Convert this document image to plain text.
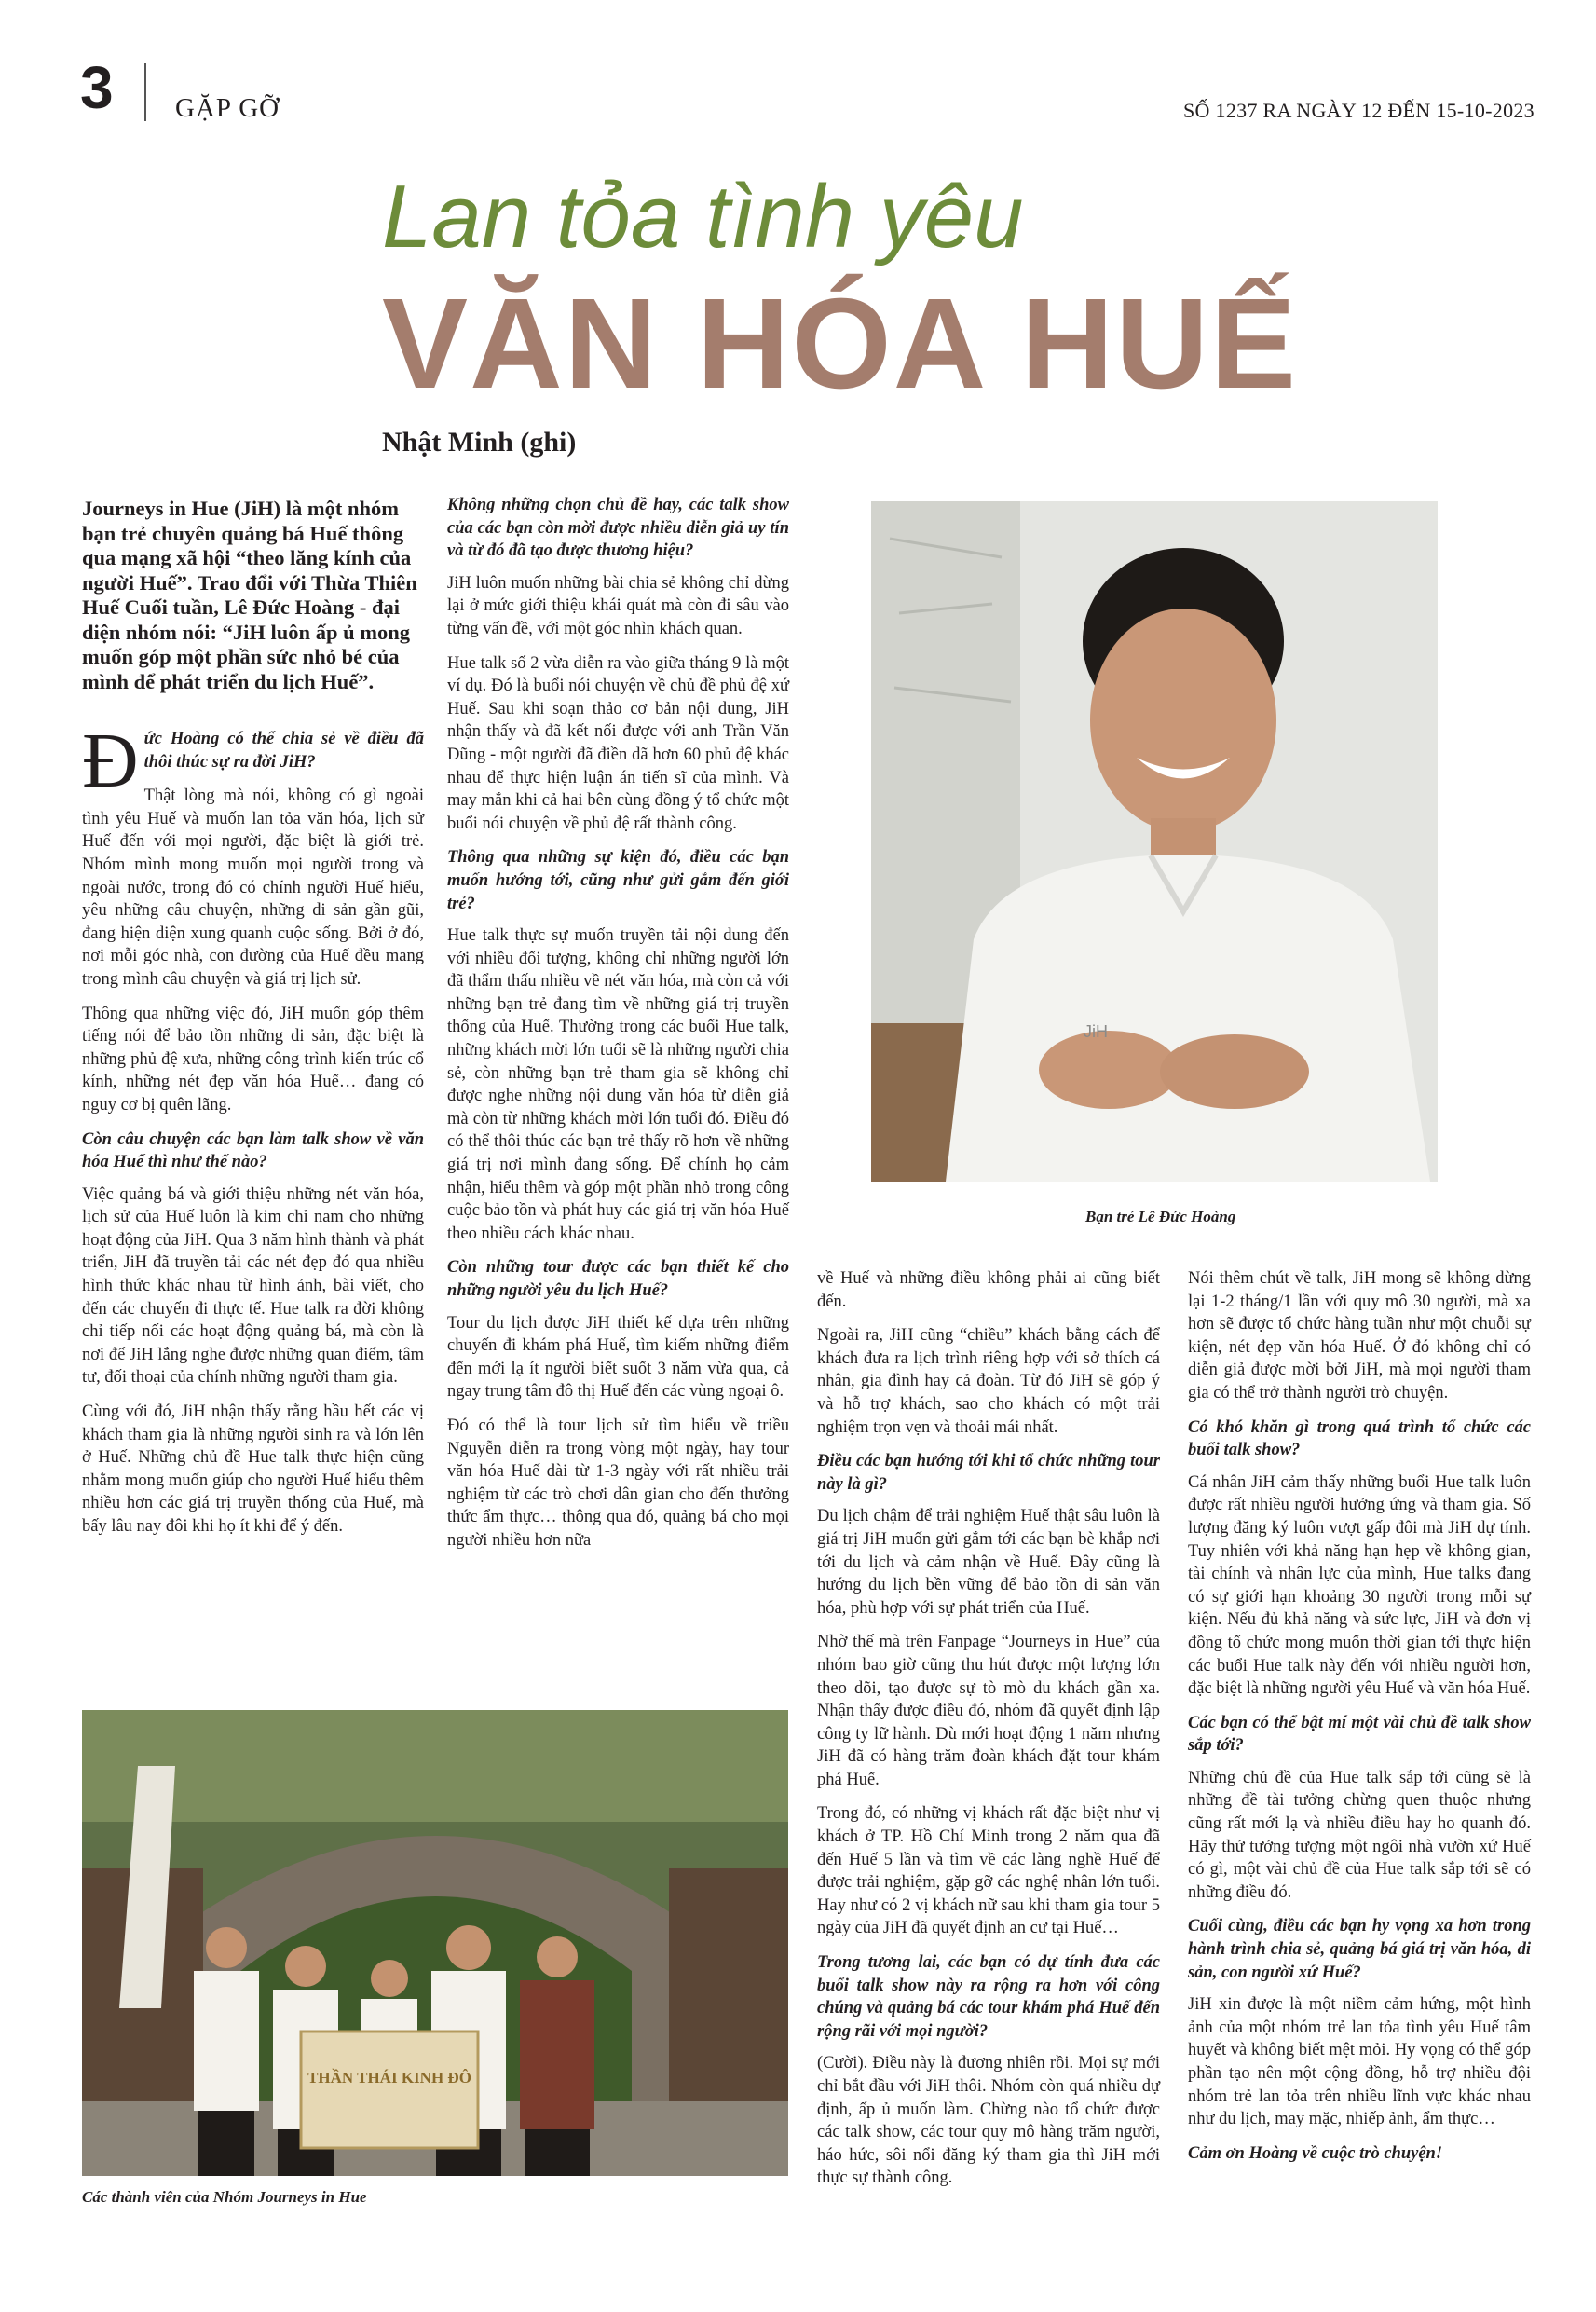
3 GẶP GỠ	SỐ 1237 RA NGÀY 12 ĐẾN 15-10-2023
Lan tỏa tình yêu
VĂN HÓA HUẾ
Nhật Minh (ghi)

Journeys in Hue (JiH) là một nhóm bạn trẻ chuyên quảng bá Huế thông qua mạng xã hội “theo lăng kính của người Huế”. Trao đổi với Thừa Thiên Huế Cuối tuần, Lê Đức Hoàng - đại diện nhóm nói: “JiH luôn ấp ủ mong muốn góp một phần sức nhỏ bé của mình để phát triển du lịch Huế”.

Đức Hoàng có thể chia sẻ về điều đã thôi thúc sự ra đời JiH?

Thật lòng mà nói, không có gì ngoài tình yêu Huế và muốn lan tỏa văn hóa, lịch sử Huế đến với mọi người, đặc biệt là giới trẻ. Nhóm mình mong muốn mọi người trong và ngoài nước, trong đó có chính người Huế hiểu, yêu những câu chuyện, những di sản gần gũi, đang hiện diện xung quanh cuộc sống. Bởi ở đó, nơi mỗi góc nhà, con đường của Huế đều mang trong mình câu chuyện và giá trị lịch sử.

Thông qua những việc đó, JiH muốn góp thêm tiếng nói để bảo tồn những di sản, đặc biệt là những phủ đệ xưa, những công trình kiến trúc cổ kính, những nét đẹp văn hóa Huế… đang có nguy cơ bị quên lãng.

Còn câu chuyện các bạn làm talk show về văn hóa Huế thì như thế nào?

Việc quảng bá và giới thiệu những nét văn hóa, lịch sử của Huế luôn là kim chỉ nam cho những hoạt động của JiH. Qua 3 năm hình thành và phát triển, JiH đã truyền tải các nét đẹp đó qua nhiều hình thức khác nhau từ hình ảnh, bài viết, cho đến các chuyến đi thực tế. Hue talk ra đời không chỉ tiếp nối các hoạt động quảng bá, mà còn là nơi để JiH lắng nghe được những quan điểm, tâm tư, đối thoại của chính những người tham gia.

Cùng với đó, JiH nhận thấy rằng hầu hết các vị khách tham gia là những người sinh ra và lớn lên ở Huế. Những chủ đề Hue talk thực hiện cũng nhằm mong muốn giúp cho người Huế hiểu thêm nhiều hơn các giá trị truyền thống của Huế, mà bấy lâu nay đôi khi họ ít khi để ý đến.

Không những chọn chủ đề hay, các talk show của các bạn còn mời được nhiều diễn giả uy tín và từ đó đã tạo được thương hiệu?

JiH luôn muốn những bài chia sẻ không chỉ dừng lại ở mức giới thiệu khái quát mà còn đi sâu vào từng vấn đề, với một góc nhìn khách quan.

Hue talk số 2 vừa diễn ra vào giữa tháng 9 là một ví dụ. Đó là buổi nói chuyện về chủ đề phủ đệ xứ Huế. Sau khi soạn thảo cơ bản nội dung, JiH nhận thấy và đã kết nối được với anh Trần Văn Dũng - một người đã điền dã hơn 60 phủ đệ khác nhau để thực hiện luận án tiến sĩ của mình. Và may mắn khi cả hai bên cùng đồng ý tổ chức một buổi nói chuyện về phủ đệ rất thành công.

Thông qua những sự kiện đó, điều các bạn muốn hướng tới, cũng như gửi gắm đến giới trẻ?

Hue talk thực sự muốn truyền tải nội dung đến với nhiều đối tượng, không chỉ những người lớn đã thẩm thấu nhiều về nét văn hóa, mà còn cả với những bạn trẻ đang tìm về những giá trị truyền thống của Huế. Thường trong các buổi Hue talk, những khách mời lớn tuổi sẽ là những người chia sẻ, còn những bạn trẻ tham gia sẽ không chỉ được nghe những nội dung văn hóa từ diễn giả mà còn từ những khách mời lớn tuổi đó. Điều đó có thể thôi thúc các bạn trẻ thấy rõ hơn về những giá trị nơi mình đang sống. Để chính họ cảm nhận, hiểu thêm và góp một phần nhỏ trong công cuộc bảo tồn và phát huy các giá trị văn hóa Huế theo nhiều cách khác nhau.

Còn những tour được các bạn thiết kế cho những người yêu du lịch Huế?

Tour du lịch được JiH thiết kế dựa trên những chuyến đi khám phá Huế, tìm kiếm những điểm đến mới lạ ít người biết suốt 3 năm vừa qua, cả ngay trung tâm đô thị Huế đến các vùng ngoại ô.

Đó có thể là tour lịch sử tìm hiểu về triều Nguyễn diễn ra trong vòng một ngày, hay tour văn hóa Huế dài từ 1-3 ngày với rất nhiều trải nghiệm từ các trò chơi dân gian cho đến thưởng thức ẩm thực… thông qua đó, quảng bá cho mọi người nhiều hơn nữa

JiH
Bạn trẻ Lê Đức Hoàng
THẦN THÁI KINH ĐÔ
Các thành viên của Nhóm Journeys in Hue

về Huế và những điều không phải ai cũng biết đến.

Ngoài ra, JiH cũng “chiều” khách bằng cách để khách đưa ra lịch trình riêng hợp với sở thích cá nhân, gia đình hay cả đoàn. Từ đó JiH sẽ góp ý và hỗ trợ khách, sao cho khách có một trải nghiệm trọn vẹn và thoải mái nhất.

Điều các bạn hướng tới khi tổ chức những tour này là gì?

Du lịch chậm để trải nghiệm Huế thật sâu luôn là giá trị JiH muốn gửi gắm tới các bạn bè khắp nơi tới du lịch và cảm nhận về Huế. Đây cũng là hướng du lịch bền vững để bảo tồn di sản văn hóa, phù hợp với sự phát triển của Huế.

Nhờ thế mà trên Fanpage “Journeys in Hue” của nhóm bao giờ cũng thu hút được một lượng lớn theo dõi, tạo được sự tò mò du khách gần xa. Nhận thấy được điều đó, nhóm đã quyết định lập công ty lữ hành. Dù mới hoạt động 1 năm nhưng JiH đã có hàng trăm đoàn khách đặt tour khám phá Huế.

Trong đó, có những vị khách rất đặc biệt như vị khách ở TP. Hồ Chí Minh trong 2 năm qua đã đến Huế 5 lần và tìm về các làng nghề Huế để được trải nghiệm, gặp gỡ các nghệ nhân lớn tuổi. Hay như có 2 vị khách nữ sau khi tham gia tour 5 ngày của JiH đã quyết định an cư tại Huế…

Trong tương lai, các bạn có dự tính đưa các buổi talk show này ra rộng ra hơn với công chúng và quảng bá các tour khám phá Huế đến rộng rãi với mọi người?

(Cười). Điều này là đương nhiên rồi. Mọi sự mới chỉ bắt đầu với JiH thôi. Nhóm còn quá nhiều dự định, ấp ủ muốn làm. Chừng nào tổ chức được các talk show, các tour quy mô hàng trăm người, háo hức, sôi nổi đăng ký tham gia thì JiH mới thực sự thành công.

Nói thêm chút về talk, JiH mong sẽ không dừng lại 1-2 tháng/1 lần với quy mô 30 người, mà xa hơn sẽ được tổ chức hàng tuần như một chuỗi sự kiện, nét đẹp văn hóa Huế. Ở đó không chỉ có diễn giả được mời bởi JiH, mà mọi người tham gia có thể trở thành người trò chuyện.

Có khó khăn gì trong quá trình tổ chức các buổi talk show?

Cá nhân JiH cảm thấy những buổi Hue talk luôn được rất nhiều người hưởng ứng và tham gia. Số lượng đăng ký luôn vượt gấp đôi mà JiH dự tính. Tuy nhiên với khả năng hạn hẹp về không gian, tài chính và nhân lực của mình, Hue talks đang có sự giới hạn khoảng 30 người trong mỗi sự kiện. Nếu đủ khả năng và sức lực, JiH và đơn vị đồng tổ chức mong muốn thời gian tới thực hiện các buổi Hue talk này đến với nhiều người hơn, đặc biệt là những người yêu Huế và văn hóa Huế.

Các bạn có thể bật mí một vài chủ đề talk show sắp tới?

Những chủ đề của Hue talk sắp tới cũng sẽ là những đề tài tưởng chừng quen thuộc nhưng cũng rất mới lạ và nhiều điều hay ho quanh đó. Hãy thử tưởng tượng một ngôi nhà vườn xứ Huế có gì, một vài chủ đề của Hue talk sắp tới sẽ có những điều đó.

Cuối cùng, điều các bạn hy vọng xa hơn trong hành trình chia sẻ, quảng bá giá trị văn hóa, di sản, con người xứ Huế?

JiH xin được là một niềm cảm hứng, một hình ảnh của một nhóm trẻ lan tỏa tình yêu Huế tâm huyết và không biết mệt mỏi. Hy vọng có thể góp phần tạo nên một cộng đồng, hỗ trợ nhiều đội nhóm trẻ lan tỏa trên nhiều lĩnh vực khác nhau như du lịch, may mặc, nhiếp ảnh, ẩm thực…

Cảm ơn Hoàng về cuộc trò chuyện!
